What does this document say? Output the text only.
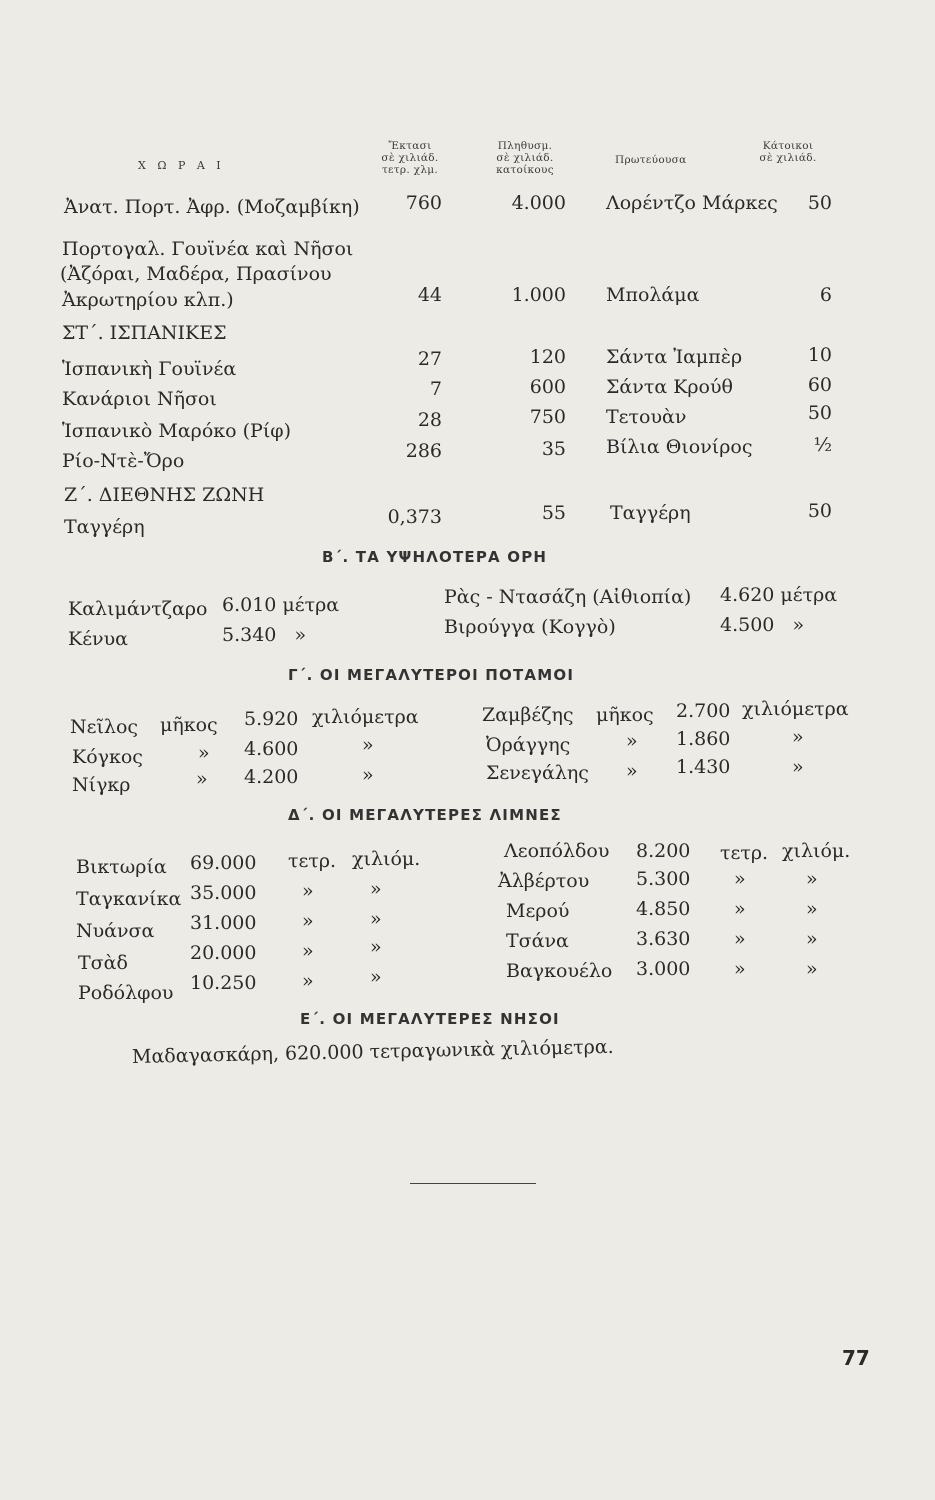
Χ Ω Ρ Α Ι
Ἔκτασι
σὲ χιλιάδ.
τετρ. χλμ.
Πληθυσμ.
σὲ χιλιάδ.
κατοίκους
Πρωτεύουσα
Κάτοικοι
σὲ χιλιάδ.
Ἀνατ. Πορτ. Ἀφρ. (Μοζαμβίκη)	760	4.000 Λορέντζο Μάρκες	50
Πορτογαλ. Γουϊνέα καὶ Νῆσοι
(Ἀζόραι, Μαδέρα, Πρασίνου
Ἀκρωτηρίου κλπ.)	44	1.000 Μπολάμα	6
ΣΤ΄. ΙΣΠΑΝΙΚΕΣ
Ἱσπανικὴ Γουϊνέα	27	120 Σάντα Ἰαμπὲρ	10
Κανάριοι Νῆσοι	7	600 Σάντα Κρούθ	60
Ἱσπανικὸ Μαρόκο (Ρίφ)	28	750 Τετουὰν	50
Ρίο-Ντὲ-Ὄρο	286	35 Βίλια Θιονίρος	½
Ζ΄. ΔΙΕΘΝΗΣ ΖΩΝΗ
Ταγγέρη	0,373	55 Ταγγέρη	50
Β΄. ΤΑ ΥΨΗΛΟΤΕΡΑ ΟΡΗ
Καλιμάντζαρο 6.010 μέτρα
Κένυα	5.340   »
Ρὰς - Ντασάζη (Αἰθιοπία) 4.620 μέτρα
Βιρούγγα (Κογγὸ)	4.500   »
Γ΄. ΟΙ ΜΕΓΑΛΥΤΕΡΟΙ ΠΟΤΑΜΟΙ
Νεῖλος μῆκος 5.920 χιλιόμετρα
Κόγκος	» 4.600	»
Νίγκρ	» 4.200	»
Ζαμβέζης μῆκος 2.700 χιλιόμετρα
Ὀράγγης	» 1.860	»
Σενεγάλης » 1.430	»
Δ΄. ΟΙ ΜΕΓΑΛΥΤΕΡΕΣ ΛΙΜΝΕΣ
Βικτωρία 69.000 τετρ. χιλιόμ.
Ταγκανίκα 35.000 »	»
Νυάνσα 31.000 »	»
Τσὰδ	20.000 »	»
Ροδόλφου 10.250 »	»
Λεοπόλδου 8.200 τετρ. χιλιόμ.
Ἀλβέρτου 5.300 »	»
Μερού	4.850 »	»
Τσάνα	3.630 »	»
Βαγκουέλο 3.000 »	»
Ε΄. ΟΙ ΜΕΓΑΛΥΤΕΡΕΣ ΝΗΣΟΙ
Μαδαγασκάρη, 620.000 τετραγωνικὰ χιλιόμετρα.
77
